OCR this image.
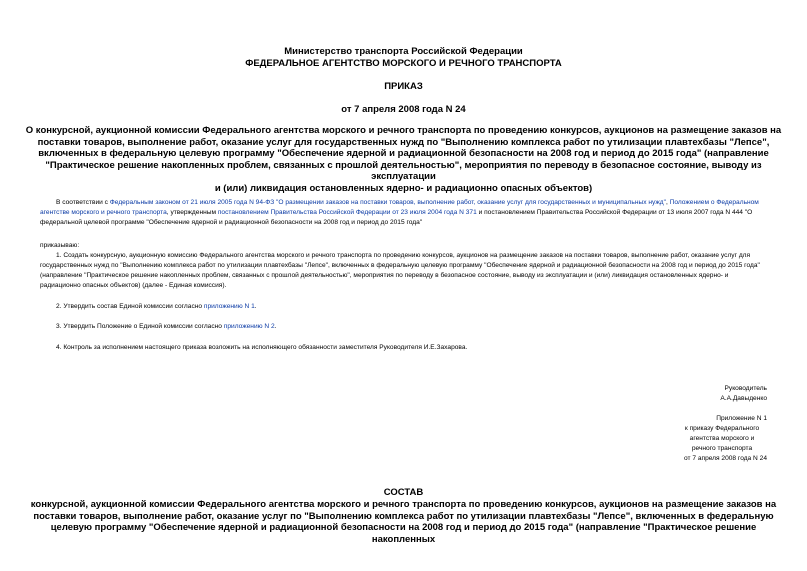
Министерство транспорта Российской Федерации
ФЕДЕРАЛЬНОЕ АГЕНТСТВО МОРСКОГО И РЕЧНОГО ТРАНСПОРТА
ПРИКАЗ
от 7 апреля 2008 года N 24
О конкурсной, аукционной комиссии Федерального агентства морского и речного транспорта по проведению конкурсов, аукционов на размещение заказов на
поставки товаров, выполнение работ, оказание услуг для государственных нужд по "Выполнению комплекса работ по утилизации плавтехбазы "Лепсе",
включенных в федеральную целевую программу "Обеспечение ядерной и радиационной безопасности на 2008 год и период до 2015 года" (направление
"Практическое решение накопленных проблем, связанных с прошлой деятельностью", мероприятия по переводу в безопасное состояние, выводу из эксплуатации
и (или) ликвидация остановленных ядерно- и радиационно опасных объектов)
В соответствии с Федеральным законом от 21 июля 2005 года N 94-ФЗ "О размещении заказов на поставки товаров, выполнение работ, оказание услуг для государственных и муниципальных нужд", Положением о Федеральном агентстве морского и речного транспорта, утвержденным постановлением Правительства Российской Федерации от 23 июля 2004 года N 371 и постановлением Правительства Российской Федерации от 13 июля 2007 года N 444 "О федеральной целевой программе "Обеспечение ядерной и радиационной безопасности на 2008 год и период до 2015 года"
приказываю:
1. Создать конкурсную, аукционную комиссию Федерального агентства морского и речного транспорта по проведению конкурсов, аукционов на размещение заказов на поставки товаров, выполнение работ, оказание услуг для государственных нужд по "Выполнению комплекса работ по утилизации плавтехбазы "Лепсе", включенных в федеральную целевую программу "Обеспечение ядерной и радиационной безопасности на 2008 год и период до 2015 года" (направление "Практическое решение накопленных проблем, связанных с прошлой деятельностью", мероприятия по переводу в безопасное состояние, выводу из эксплуатации и (или) ликвидация остановленных ядерно- и радиационно опасных объектов) (далее - Единая комиссия).
2. Утвердить состав Единой комиссии согласно приложению N 1.
3. Утвердить Положение о Единой комиссии согласно приложению N 2.
4. Контроль за исполнением настоящего приказа возложить на исполняющего обязанности заместителя Руководителя И.Е.Захарова.
Руководитель
А.А.Давыденко
Приложение N 1
к приказу Федерального
агентства морского и
речного транспорта
от 7 апреля 2008 года N 24
СОСТАВ
конкурсной, аукционной комиссии Федерального агентства морского и речного транспорта по проведению конкурсов, аукционов на размещение заказов на
поставки товаров, выполнение работ, оказание услуг по "Выполнению комплекса работ по утилизации плавтехбазы "Лепсе", включенных в федеральную
целевую программу "Обеспечение ядерной и радиационной безопасности на 2008 год и период до 2015 года" (направление "Практическое решение накопленных
